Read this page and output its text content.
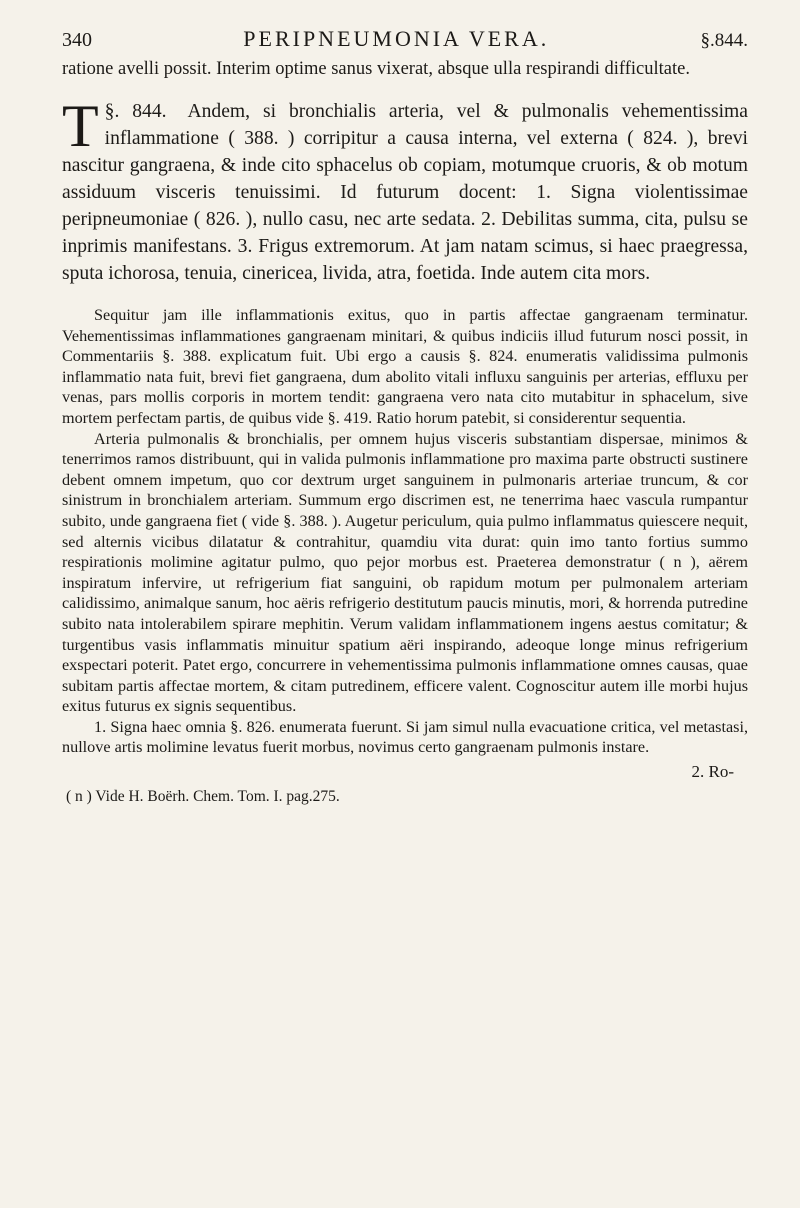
340	PERIPNEUMONIA VERA.	§.844.

ratione avelli possit. Interim optime sanus vixerat, absque ulla respirandi difficultate.

§. 844.
T	Andem, si bronchialis arteria, vel & pulmonalis vehementissima inflammatione ( 388. ) corripitur a causa interna, vel externa ( 824. ), brevi nascitur gangraena, & inde cito sphacelus ob copiam, motumque cruoris, & ob motum assiduum visceris tenuissimi. Id futurum docent: 1. Signa violentissimae peripneumoniae ( 826. ), nullo casu, nec arte sedata. 2. Debilitas summa, cita, pulsu se inprimis manifestans. 3. Frigus extremorum. At jam natam scimus, si haec praegressa, sputa ichorosa, tenuia, cinericea, livida, atra, foetida. Inde autem cita mors.

Sequitur jam ille inflammationis exitus, quo in partis affectae gangraenam terminatur. Vehementissimas inflammationes gangraenam minitari, & quibus indiciis illud futurum nosci possit, in Commentariis §. 388. explicatum fuit. Ubi ergo a causis §. 824. enumeratis validissima pulmonis inflammatio nata fuit, brevi fiet gangraena, dum abolito vitali influxu sanguinis per arterias, effluxu per venas, pars mollis corporis in mortem tendit: gangraena vero nata cito mutabitur in sphacelum, sive mortem perfectam partis, de quibus vide §. 419. Ratio horum patebit, si considerentur sequentia.

Arteria pulmonalis & bronchialis, per omnem hujus visceris substantiam dispersae, minimos & tenerrimos ramos distribuunt, qui in valida pulmonis inflammatione pro maxima parte obstructi sustinere debent omnem impetum, quo cor dextrum urget sanguinem in pulmonaris arteriae truncum, & cor sinistrum in bronchialem arteriam. Summum ergo discrimen est, ne tenerrima haec vascula rumpantur subito, unde gangraena fiet ( vide §. 388. ). Augetur periculum, quia pulmo inflammatus quiescere nequit, sed alternis vicibus dilatatur & contrahitur, quamdiu vita durat: quin imo tanto fortius summo respirationis molimine agitatur pulmo, quo pejor morbus est. Praeterea demonstratur ( n ), aërem inspiratum infervire, ut refrigerium fiat sanguini, ob rapidum motum per pulmonalem arteriam calidissimo, animalque sanum, hoc aëris refrigerio destitutum paucis minutis, mori, & horrenda putredine subito nata intolerabilem spirare mephitin. Verum validam inflammationem ingens aestus comitatur; & turgentibus vasis inflammatis minuitur spatium aëri inspirando, adeoque longe minus refrigerium exspectari poterit. Patet ergo, concurrere in vehementissima pulmonis inflammatione omnes causas, quae subitam partis affectae mortem, & citam putredinem, efficere valent. Cognoscitur autem ille morbi hujus exitus futurus ex signis sequentibus.

1. Signa haec omnia §. 826. enumerata fuerunt. Si jam simul nulla evacuatione critica, vel metastasi, nullove artis molimine levatus fuerit morbus, novimus certo gangraenam pulmonis instare.

2. Ro-
( n ) Vide H. Boërh. Chem. Tom. I. pag.275.
